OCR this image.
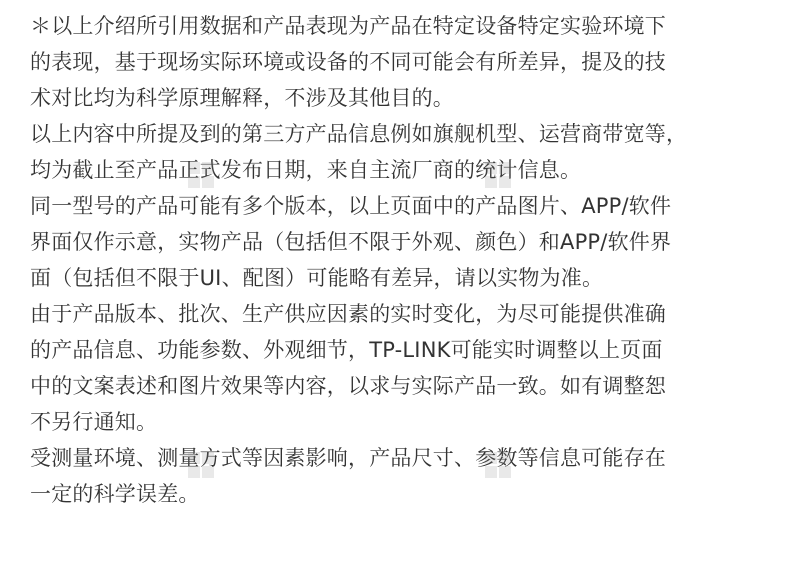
＊以上介绍所引用数据和产品表现为产品在特定设备特定实验环境下
的表现，基于现场实际环境或设备的不同可能会有所差异，提及的技
术对比均为科学原理解释，不涉及其他目的。

以上内容中所提及到的第三方产品信息例如旗舰机型、运营商带宽等，
均为截止至产品正式发布日期，来自主流厂商的统计信息。

同一型号的产品可能有多个版本，以上页面中的产品图片、APP/软件
界面仅作示意，实物产品（包括但不限于外观、颜色）和APP/软件界
面（包括但不限于UI、配图）可能略有差异，请以实物为准。

由于产品版本、批次、生产供应因素的实时变化，为尽可能提供准确
的产品信息、功能参数、外观细节，TP-LINK可能实时调整以上页面
中的文案表述和图片效果等内容，以求与实际产品一致。如有调整恕
不另行通知。

受测量环境、测量方式等因素影响，产品尺寸、参数等信息可能存在
一定的科学误差。
